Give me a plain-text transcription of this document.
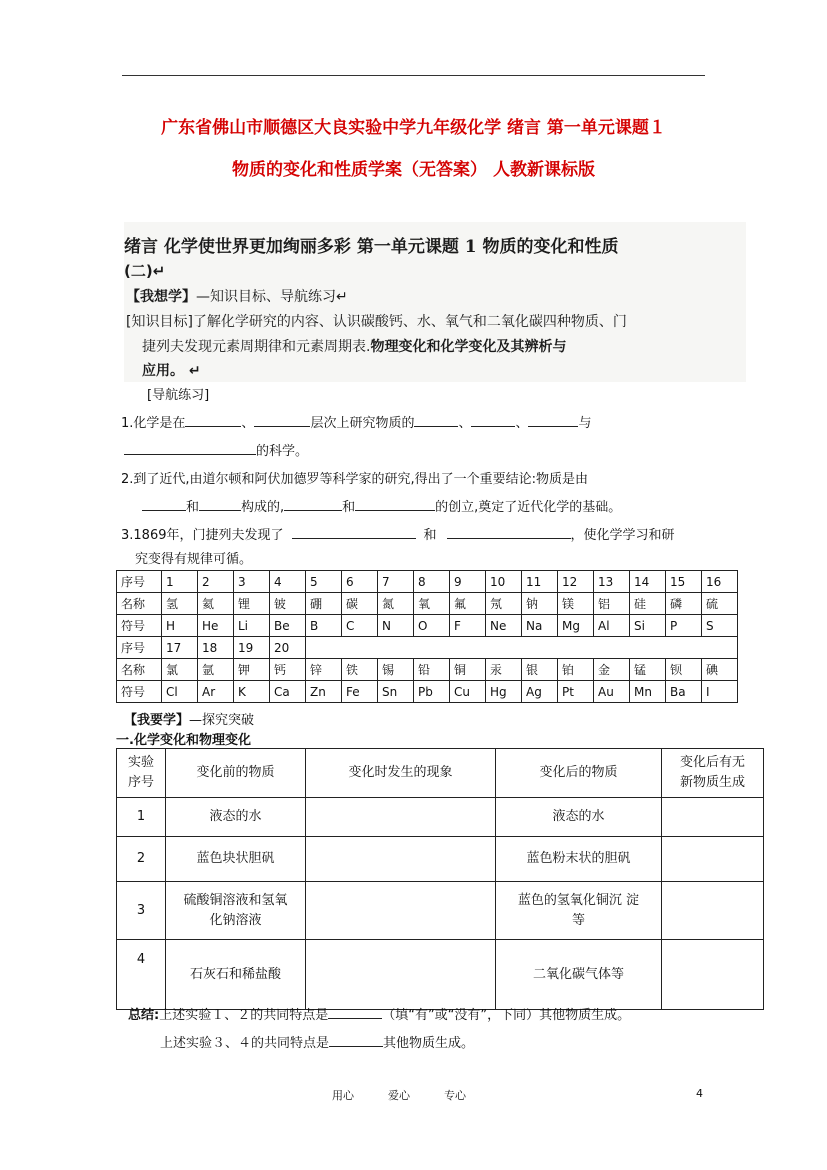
广东省佛山市顺德区大良实验中学九年级化学 绪言 第一单元课题１
物质的变化和性质学案（无答案） 人教新课标版
绪言 化学使世界更加绚丽多彩 第一单元课题 1 物质的变化和性质
(二)↵
【我想学】—知识目标、导航练习↵
[知识目标]了解化学研究的内容、认识碳酸钙、水、氧气和二氧化碳四种物质、门
捷列夫发现元素周期律和元素周期表.物理变化和化学变化及其辨析与
应用。 ↵
[导航练习]
1.化学是在	、	层次上研究物质的	、	、	与
的科学。
2.到了近代,由道尔顿和阿伏加德罗等科学家的研究,得出了一个重要结论:物质是由
和	构成的,	和	的创立,奠定了近代化学的基础。
3.1869年，门捷列夫发现了	和	，使化学学习和研
究变得有规律可循。
序号	1	2	3	4	5	6	7	8	9	10	11	12	13	14	15	16
名称	氢	氦	锂	铍	硼	碳	氮	氧	氟	氖	钠	镁	铝	硅	磷	硫
符号	H	He	Li	Be	B	C	N	O	F	Ne	Na	Mg	Al	Si	P	S
序号	17	18	19	20												
名称	氯	氩	钾	钙	锌	铁	锡	铅	铜	汞	银	铂	金	锰	钡	碘
符号	Cl	Ar	K	Ca	Zn	Fe	Sn	Pb	Cu	Hg	Ag	Pt	Au	Mn	Ba	I
【我要学】—探究突破
一.化学变化和物理变化
实验
序号	变化前的物质	变化时发生的现象	变化后的物质	变化后有无
新物质生成
1	液态的水		液态的水	
2	蓝色块状胆矾		蓝色粉末状的胆矾	
3	硫酸铜溶液和氢氧
化钠溶液		蓝色的氢氧化铜沉 淀
等	
4	石灰石和稀盐酸		二氧化碳气体等	
总结:上述实验１、２的共同特点是	（填“有”或“没有”，下同）其他物质生成。
上述实验３、４的共同特点是	其他物质生成。
用心	爱心	专心	4
